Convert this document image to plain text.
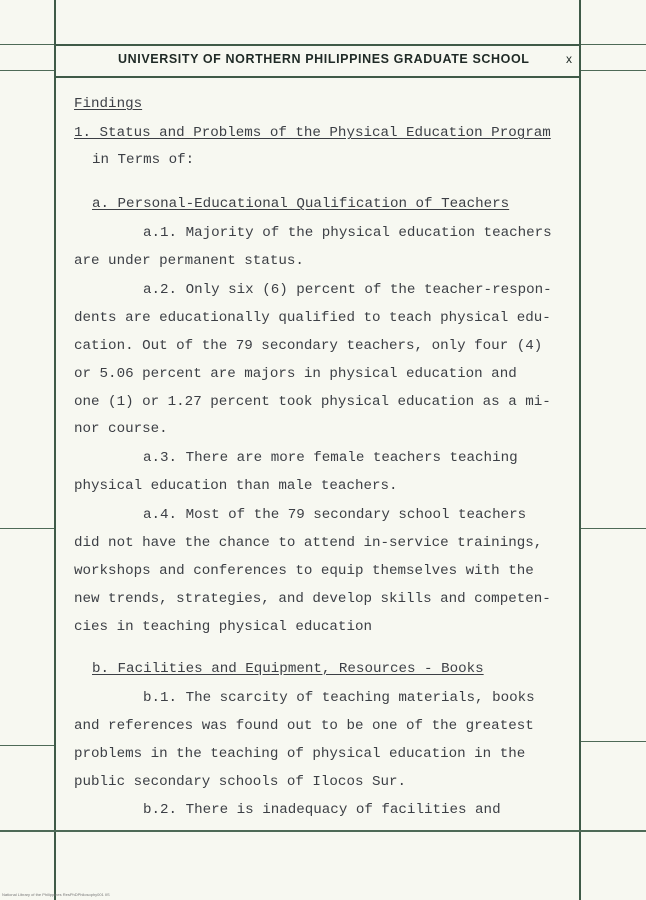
UNIVERSITY OF NORTHERN PHILIPPINES GRADUATE SCHOOL	x
Findings
1. Status and Problems of the Physical Education Program
in Terms of:
a. Personal-Educational Qualification of Teachers
a.1. Majority of the physical education teachers
are under permanent status.
a.2. Only six (6) percent of the teacher-respon-
dents are educationally qualified to teach physical edu-
cation. Out of the 79 secondary teachers, only four (4)
or 5.06 percent are majors in physical education and
one (1) or 1.27 percent took physical education as a mi-
nor course.
a.3. There are more female teachers teaching
physical education than male teachers.
a.4. Most of the 79 secondary school teachers
did not have the chance to attend in-service trainings,
workshops and conferences to equip themselves with the
new trends, strategies, and develop skills and competen-
cies in teaching physical education
b. Facilities and Equipment, Resources - Books
b.1. The scarcity of teaching materials, books
and references was found out to be one of the greatest
problems in the teaching of physical education in the
public secondary schools of Ilocos Sur.
b.2. There is inadequacy of facilities and
National Library of the Philippines ResPhDPhilosophy001 IlS
